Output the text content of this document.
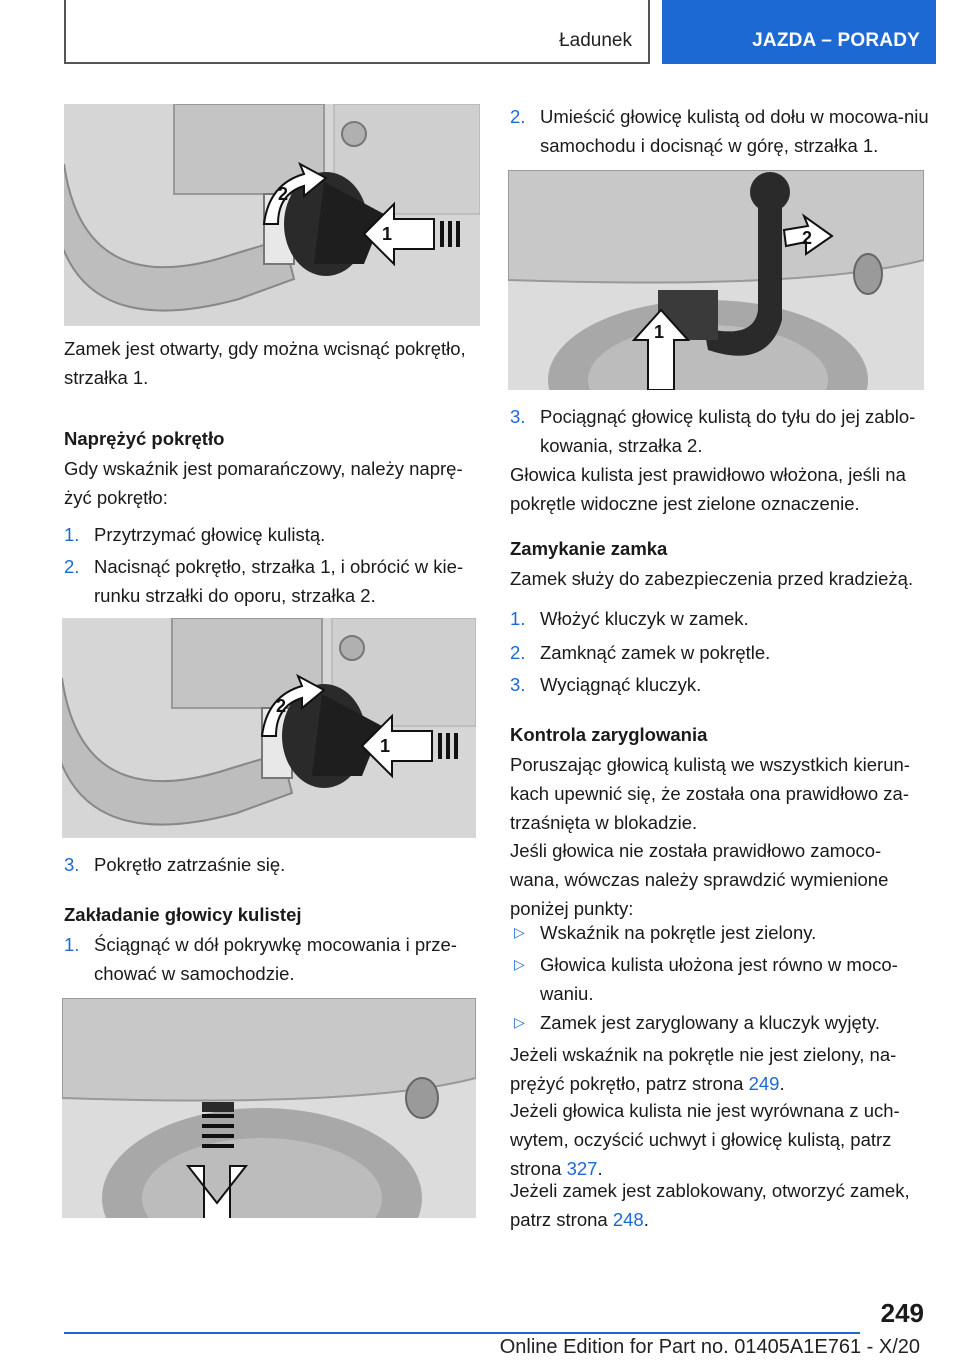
Ładunek	JAZDA – PORADY
1
2

Zamek jest otwarty, gdy można wcisnąć pokrętło, strzałka 1.

Naprężyć pokrętło

Gdy wskaźnik jest pomarańczowy, należy naprę-żyć pokrętło:

1. Przytrzymać głowicę kulistą.
2. Nacisnąć pokrętło, strzałka 1, i obrócić w kie-runku strzałki do oporu, strzałka 2.
1
2
3. Pokrętło zatrzaśnie się.
Zakładanie głowicy kulistej
1. Ściągnąć w dół pokrywkę mocowania i prze-chować w samochodzie.
2. Umieścić głowicę kulistą od dołu w mocowa-niu samochodu i docisnąć w górę, strzałka 1.
1
2
3. Pociągnąć głowicę kulistą do tyłu do jej zablo-kowania, strzałka 2.

Głowica kulista jest prawidłowo włożona, jeśli na pokrętle widoczne jest zielone oznaczenie.

Zamykanie zamka

Zamek służy do zabezpieczenia przed kradzieżą.

1. Włożyć kluczyk w zamek.
2. Zamknąć zamek w pokrętle.
3. Wyciągnąć kluczyk.
Kontrola zaryglowania

Poruszając głowicą kulistą we wszystkich kierun-kach upewnić się, że została ona prawidłowo za-trzaśnięta w blokadzie.

Jeśli głowica nie została prawidłowo zamoco-wana, wówczas należy sprawdzić wymienione poniżej punkty:

▷ Wskaźnik na pokrętle jest zielony.
▷ Głowica kulista ułożona jest równo w moco-waniu.
▷ Zamek jest zaryglowany a kluczyk wyjęty.

Jeżeli wskaźnik na pokrętle nie jest zielony, na-prężyć pokrętło, patrz strona 249.

Jeżeli głowica kulista nie jest wyrównana z uch-wytem, oczyścić uchwyt i głowicę kulistą, patrz strona 327.

Jeżeli zamek jest zablokowany, otworzyć zamek, patrz strona 248.

249
Online Edition for Part no. 01405A1E761 - X/20
